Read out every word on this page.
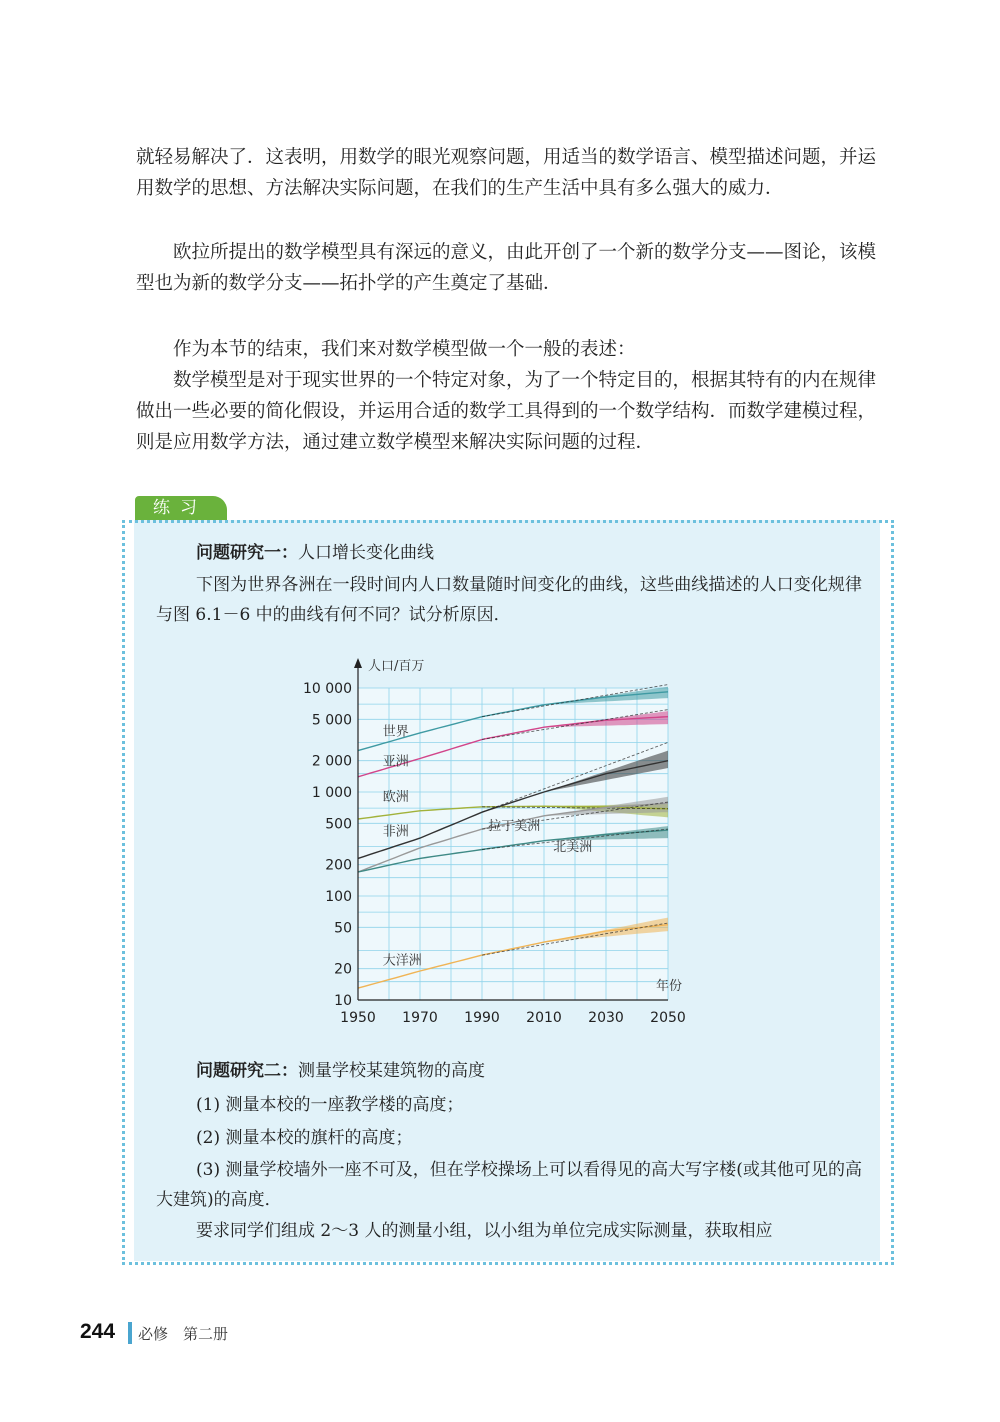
就轻易解决了．这表明，用数学的眼光观察问题，用适当的数学语言、模型描述问题，并运用数学的思想、方法解决实际问题，在我们的生产生活中具有多么强大的威力．

欧拉所提出的数学模型具有深远的意义，由此开创了一个新的数学分支——图论，该模型也为新的数学分支——拓扑学的产生奠定了基础．

作为本节的结束，我们来对数学模型做一个一般的表述：

数学模型是对于现实世界的一个特定对象，为了一个特定目的，根据其特有的内在规律做出一些必要的简化假设，并运用合适的数学工具得到的一个数学结构．而数学建模过程，则是应用数学方法，通过建立数学模型来解决实际问题的过程．

练习

问题研究一：人口增长变化曲线

下图为世界各洲在一段时间内人口数量随时间变化的曲线，这些曲线描述的人口变化规律与图 6.1－6 中的曲线有何不同？试分析原因．

10
20
50
100
200
500
1 000
2 000
5 000
10 000
1950 1970 1990 2010 2030 2050
人口/百万
年份
世界
亚洲
欧洲
拉丁美洲
非洲
北美洲
大洋洲

问题研究二：测量学校某建筑物的高度

(1) 测量本校的一座教学楼的高度；

(2) 测量本校的旗杆的高度；

(3) 测量学校墙外一座不可及，但在学校操场上可以看得见的高大写字楼(或其他可见的高大建筑)的高度．

要求同学们组成 2～3 人的测量小组，以小组为单位完成实际测量，获取相应

244 必修　第二册
